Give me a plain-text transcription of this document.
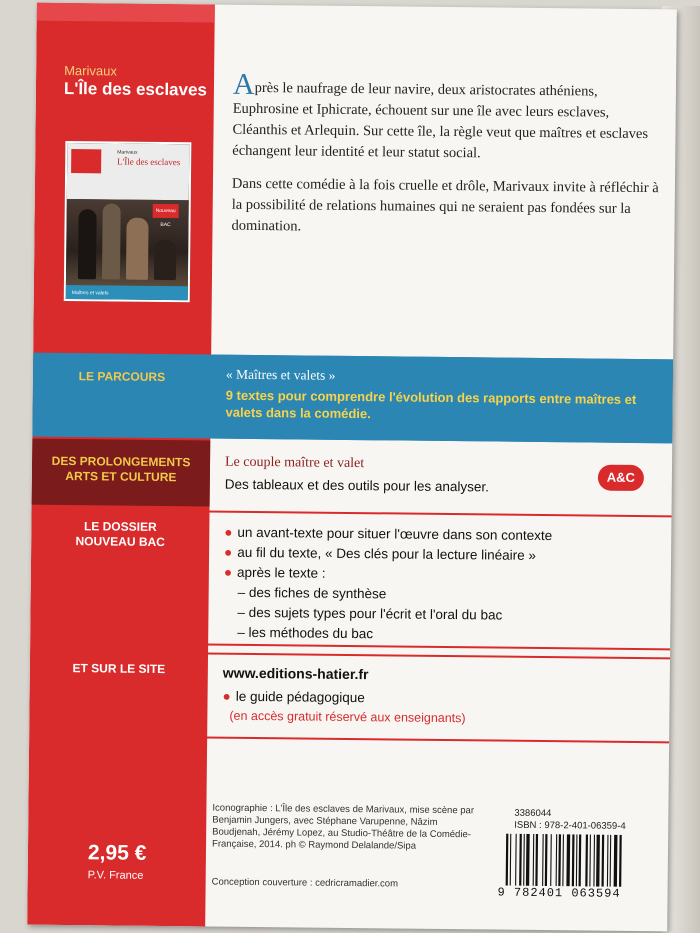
Marivaux
L'Île des esclaves
Marivaux
L'Île des esclaves
Nouveau BAC
Maîtres et valets

Après le naufrage de leur navire, deux aristocrates athéniens, Euphrosine et Iphicrate, échouent sur une île avec leurs esclaves, Cléanthis et Arlequin. Sur cette île, la règle veut que maîtres et esclaves échangent leur identité et leur statut social.

Dans cette comédie à la fois cruelle et drôle, Marivaux invite à réfléchir à la possibilité de relations humaines qui ne seraient pas fondées sur la domination.

LE PARCOURS	« Maîtres et valets »
9 textes pour comprendre l'évolution des rapports entre maîtres et valets dans la comédie.
DES PROLONGEMENTS
ARTS ET CULTURE
Le couple maître et valet
Des tableaux et des outils pour les analyser.	A&C
LE DOSSIER
NOUVEAU BAC
● un avant-texte pour situer l'œuvre dans son contexte
● au fil du texte, « Des clés pour la lecture linéaire »
● après le texte :
– des fiches de synthèse
– des sujets types pour l'écrit et l'oral du bac
– les méthodes du bac
ET SUR LE SITE	www.editions-hatier.fr
● le guide pédagogique
(en accès gratuit réservé aux enseignants)
2,95 €
P.V. France
Iconographie : L'Île des esclaves de Marivaux, mise scène par Benjamin Jungers, avec Stéphane Varupenne, Nâzim Boudjenah, Jérémy Lopez, au Studio-Théâtre de la Comédie-Française, 2014. ph © Raymond Delalande/Sipa
Conception couverture : cedricramadier.com
3386044
ISBN : 978-2-401-06359-4
9 782401 063594
